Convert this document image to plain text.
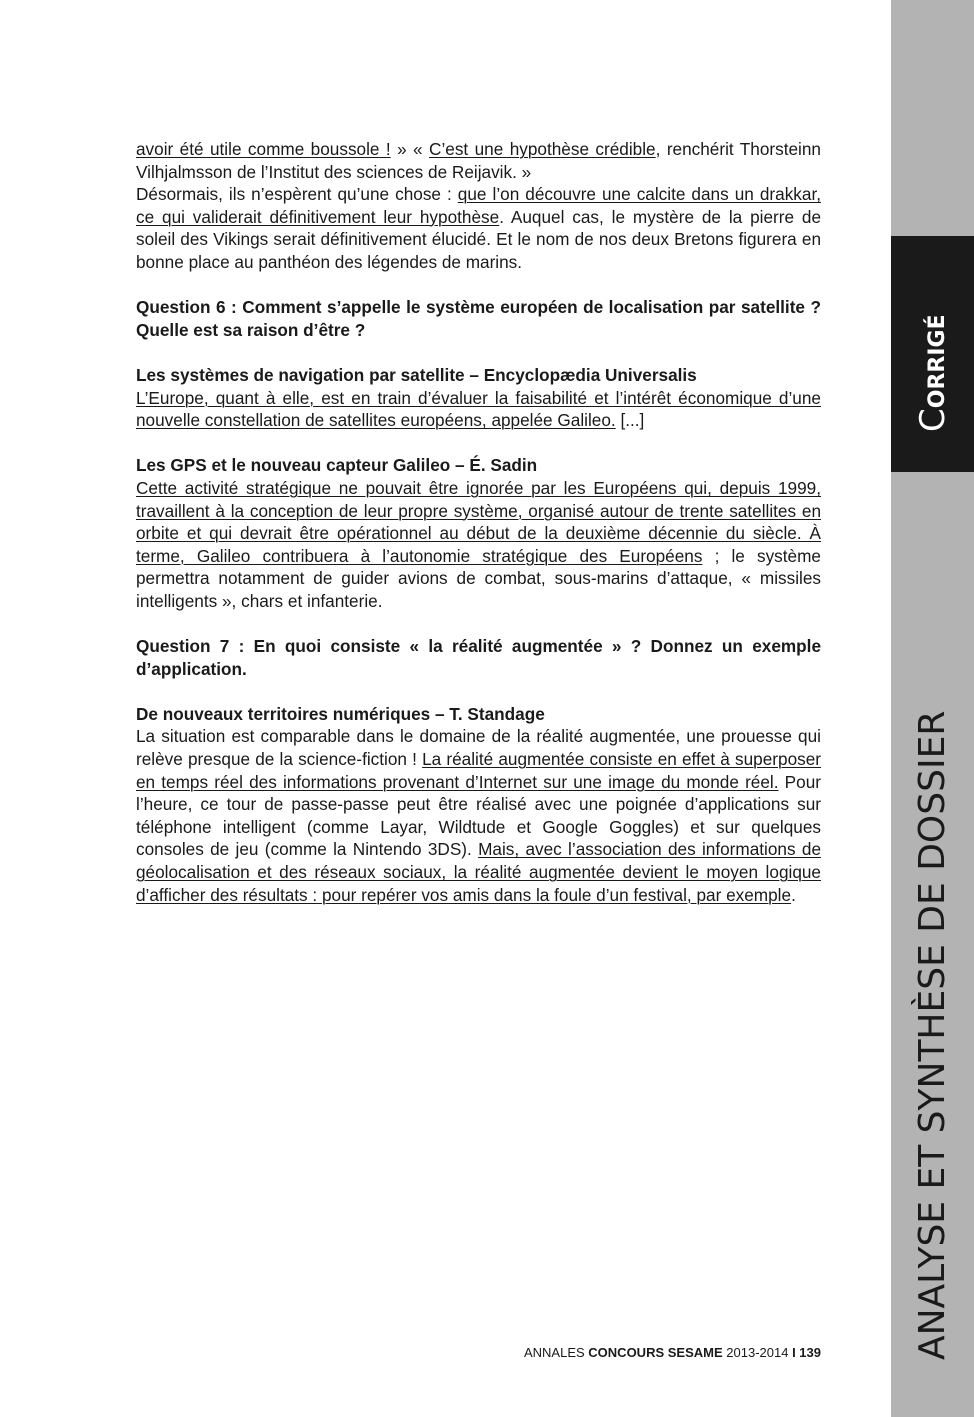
C
ORRIGÉ
ANALYSE ET SYNTHÈSE DE DOSSIER

avoir été utile comme boussole ! » « C’est une hypothèse crédible, renchérit Thorsteinn Vilhjalmsson de l’Institut des sciences de Reijavik. »

Désormais, ils n’espèrent qu’une chose : que l’on découvre une calcite dans un drakkar, ce qui validerait définitivement leur hypothèse. Auquel cas, le mystère de la pierre de soleil des Vikings serait définitivement élucidé. Et le nom de nos deux Bretons figurera en bonne place au panthéon des légendes de marins.

Question 6 : Comment s’appelle le système européen de localisation par satellite ? Quelle est sa raison d’être ?

Les systèmes de navigation par satellite – Encyclopædia Universalis

L’Europe, quant à elle, est en train d’évaluer la faisabilité et l’intérêt économique d’une nouvelle constellation de satellites européens, appelée Galileo. [...]

Les GPS et le nouveau capteur Galileo – É. Sadin

Cette activité stratégique ne pouvait être ignorée par les Européens qui, depuis 1999, travaillent à la conception de leur propre système, organisé autour de trente satellites en orbite et qui devrait être opérationnel au début de la deuxième décennie du siècle. À terme, Galileo contribuera à l’autonomie stratégique des Européens ; le système permettra notamment de guider avions de combat, sous-marins d’attaque, « missiles intelligents », chars et infanterie.

Question 7 : En quoi consiste « la réalité augmentée » ? Donnez un exemple d’application.

De nouveaux territoires numériques – T. Standage

La situation est comparable dans le domaine de la réalité augmentée, une prouesse qui relève presque de la science-fiction ! La réalité augmentée consiste en effet à superposer en temps réel des informations provenant d’Internet sur une image du monde réel. Pour l’heure, ce tour de passe-passe peut être réalisé avec une poignée d’applications sur téléphone intelligent (comme Layar, Wildtude et Google Goggles) et sur quelques consoles de jeu (comme la Nintendo 3DS). Mais, avec l’association des informations de géolocalisation et des réseaux sociaux, la réalité augmentée devient le moyen logique d’afficher des résultats : pour repérer vos amis dans la foule d’un festival, par exemple.

ANNALES CONCOURS SESAME 2013-2014 I 139
